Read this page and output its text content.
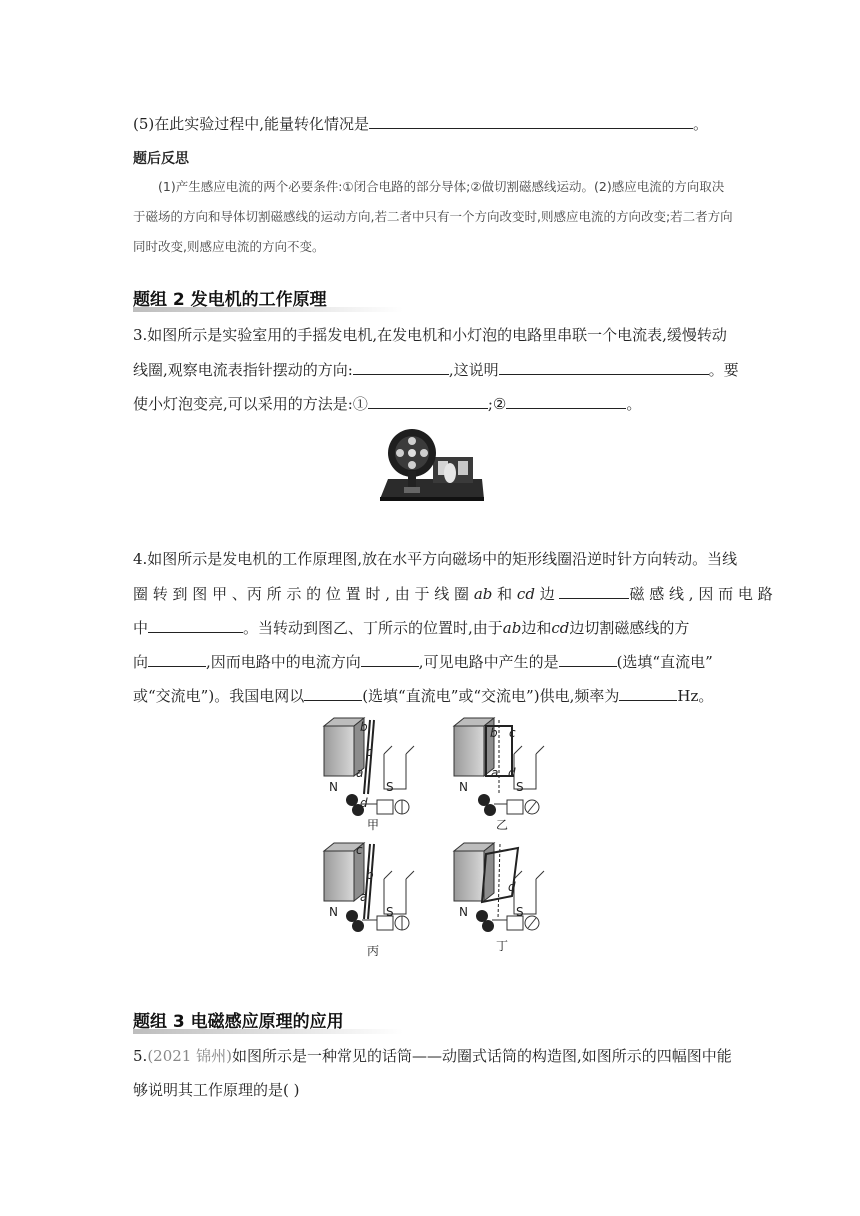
(5)在此实验过程中,能量转化情况是	。
题后反思
(1)产生感应电流的两个必要条件:①闭合电路的部分导体;②做切割磁感线运动。(2)感应电流的方向取决于磁场的方向和导体切割磁感线的运动方向,若二者中只有一个方向改变时,则感应电流的方向改变;若二者方向同时改变,则感应电流的方向不变。
题组 2 发电机的工作原理
3.如图所示是实验室用的手摇发电机,在发电机和小灯泡的电路里串联一个电流表,缓慢转动
线圈,观察电流表指针摆动的方向:	,这说明	。要
使小灯泡变亮,可以采用的方法是:①	;②	。
4.如图所示是发电机的工作原理图,放在水平方向磁场中的矩形线圈沿逆时针方向转动。当线
圈 转 到 图 甲 、丙 所 示 的 位 置 时 , 由 于 线 圈 ab 和 cd 边	磁 感 线 , 因 而 电 路
中	。当转动到图乙、丁所示的位置时,由于ab边和cd边切割磁感线的方
向	,因而电路中的电流方向	,可见电路中产生的是	(选填“直流电”
或“交流电”)。我国电网以	(选填“直流电”或“交流电”)供电,频率为	Hz。
N	S
b
c
a
d
N	S
b c
a d
N	S
c
b
a
N	S
d
甲	乙
丙	丁
题组 3 电磁感应原理的应用
5.(2021 锦州)如图所示是一种常见的话筒——动圈式话筒的构造图,如图所示的四幅图中能
够说明其工作原理的是( )
